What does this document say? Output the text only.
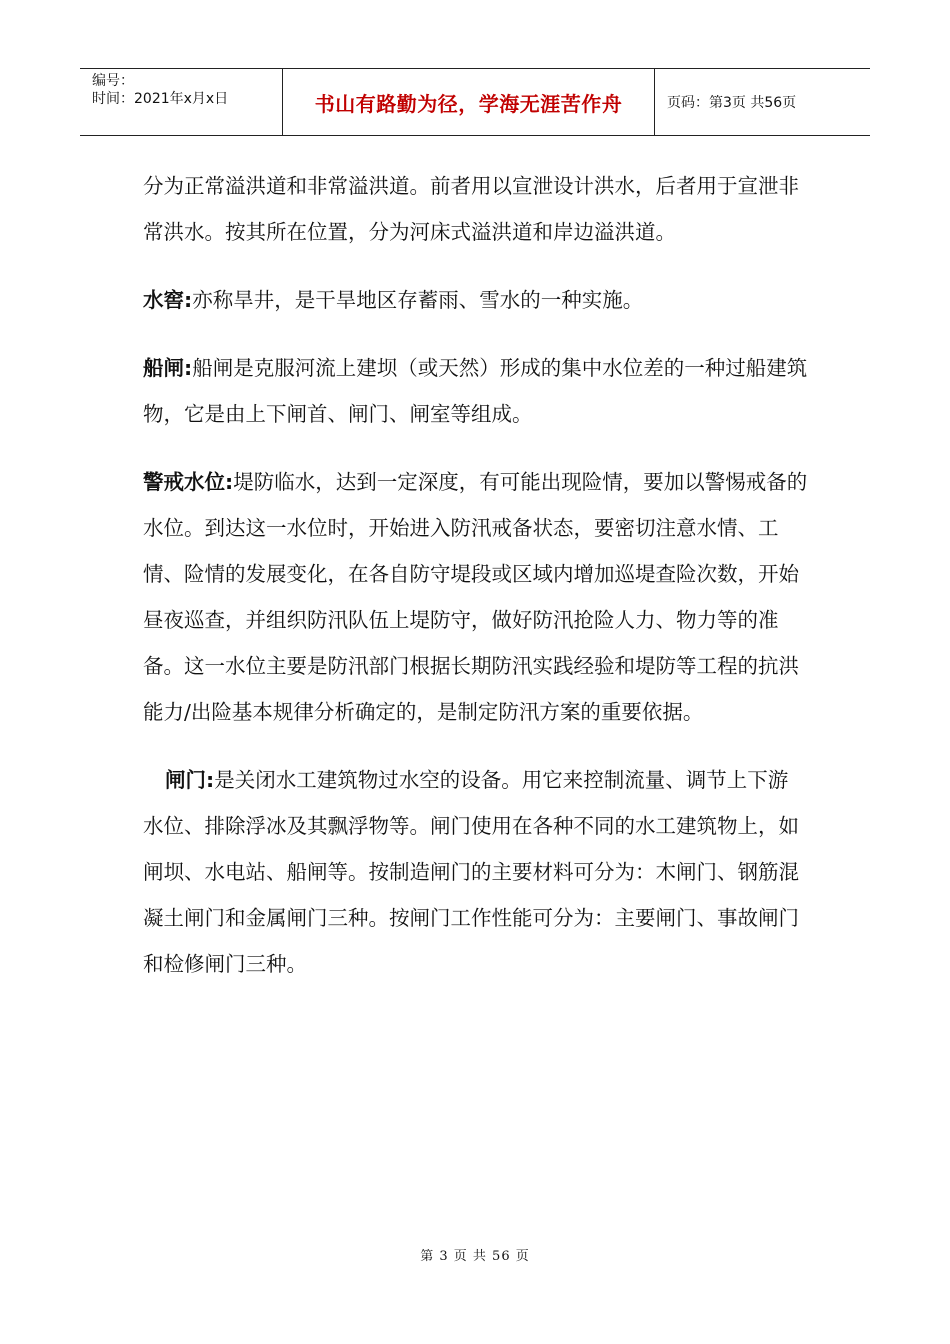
编号：
时间：2021年x月x日	书山有路勤为径，学海无涯苦作舟	页码：第3页 共56页

分为正常溢洪道和非常溢洪道。前者用以宣泄设计洪水，后者用于宣泄非常洪水。按其所在位置，分为河床式溢洪道和岸边溢洪道。

水窖:亦称旱井，是干旱地区存蓄雨、雪水的一种实施。

船闸:船闸是克服河流上建坝（或天然）形成的集中水位差的一种过船建筑物，它是由上下闸首、闸门、闸室等组成。

警戒水位:堤防临水，达到一定深度，有可能出现险情，要加以警惕戒备的水位。到达这一水位时，开始进入防汛戒备状态，要密切注意水情、工情、险情的发展变化，在各自防守堤段或区域内增加巡堤查险次数，开始昼夜巡查，并组织防汛队伍上堤防守，做好防汛抢险人力、物力等的准备。这一水位主要是防汛部门根据长期防汛实践经验和堤防等工程的抗洪能力/出险基本规律分析确定的，是制定防汛方案的重要依据。

闸门:是关闭水工建筑物过水空的设备。用它来控制流量、调节上下游水位、排除浮冰及其飘浮物等。闸门使用在各种不同的水工建筑物上，如闸坝、水电站、船闸等。按制造闸门的主要材料可分为：木闸门、钢筋混凝土闸门和金属闸门三种。按闸门工作性能可分为：主要闸门、事故闸门和检修闸门三种。

第 3 页 共 56 页
